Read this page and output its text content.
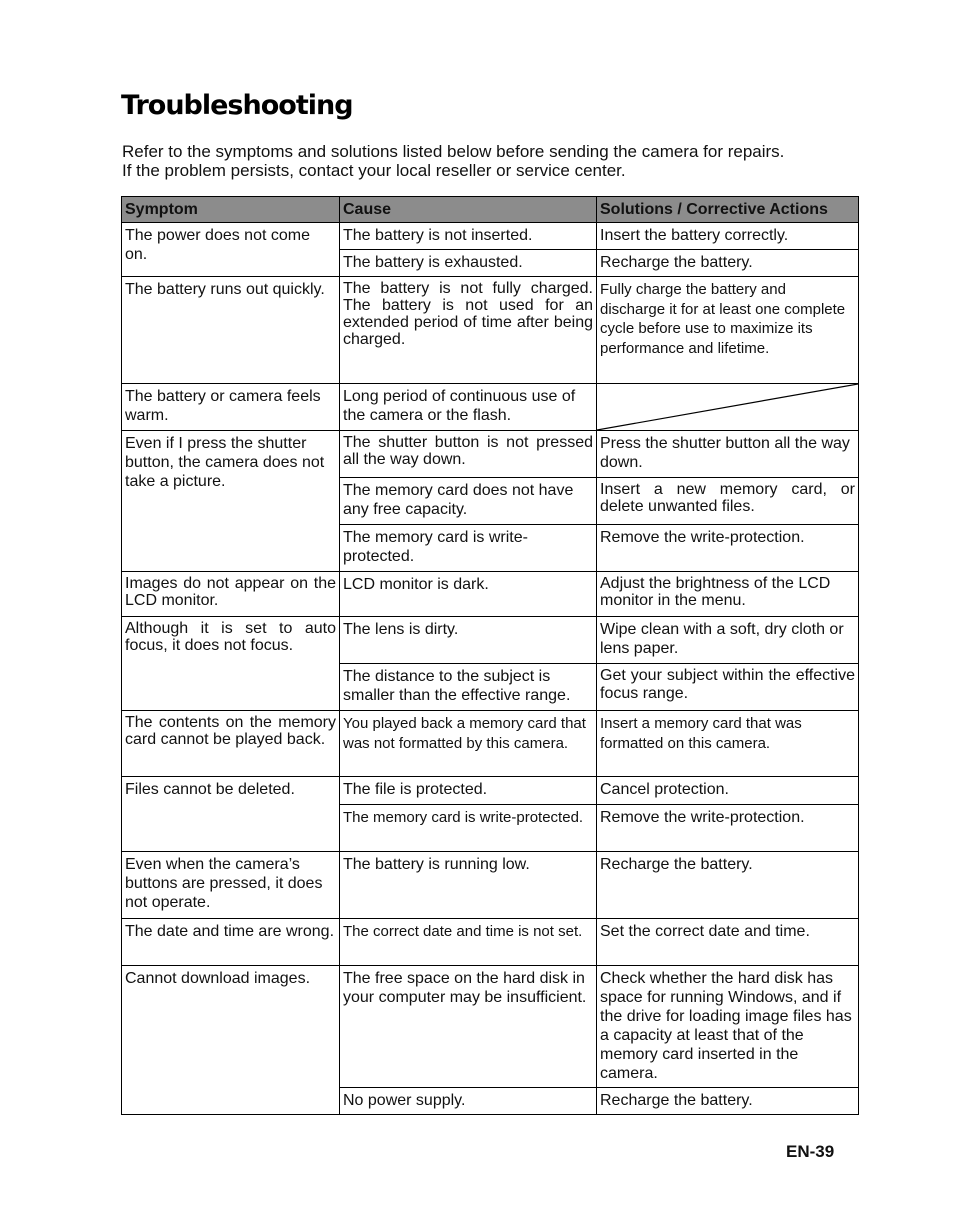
Troubleshooting

Refer to the symptoms and solutions listed below before sending the camera for repairs.

If the problem persists, contact your local reseller or service center.

Symptom	Cause	Solutions / Corrective Actions
The power does not come on.	The battery is not inserted.	Insert the battery correctly.
	The battery is exhausted.	Recharge the battery.
The battery runs out quickly.	The battery is not fully charged. The battery is not used for an extended period of time after being charged.	Fully charge the battery and discharge it for at least one complete cycle before use to maximize its performance and lifetime.
The battery or camera feels warm.	Long period of continuous use of the camera or the flash.	

Even if I press the shutter button, the camera does not take a picture.	The shutter button is not pressed all the way down.	Press the shutter button all the way down.
	The memory card does not have any free capacity.	Insert a new memory card, or delete unwanted files.
	The memory card is write-protected.	Remove the write-protection.
Images do not appear on the LCD monitor.	LCD monitor is dark.	Adjust the brightness of the LCD monitor in the menu.
Although it is set to auto focus, it does not focus.	The lens is dirty.	Wipe clean with a soft, dry cloth or lens paper.
	The distance to the subject is smaller than the effective range.	Get your subject within the effective focus range.
The contents on the memory card cannot be played back.	You played back a memory card that was not formatted by this camera.	Insert a memory card that was formatted on this camera.
Files cannot be deleted.	The file is protected.	Cancel protection.
	The memory card is write-protected.	Remove the write-protection.
Even when the camera’s buttons are pressed, it does not operate.	The battery is running low.	Recharge the battery.
The date and time are wrong.	The correct date and time is not set.	Set the correct date and time.
Cannot download images.	The free space on the hard disk in your computer may be insufficient.	Check whether the hard disk has space for running Windows, and if the drive for loading image files has a capacity at least that of the memory card inserted in the camera.
	No power supply.	Recharge the battery.
EN-39
